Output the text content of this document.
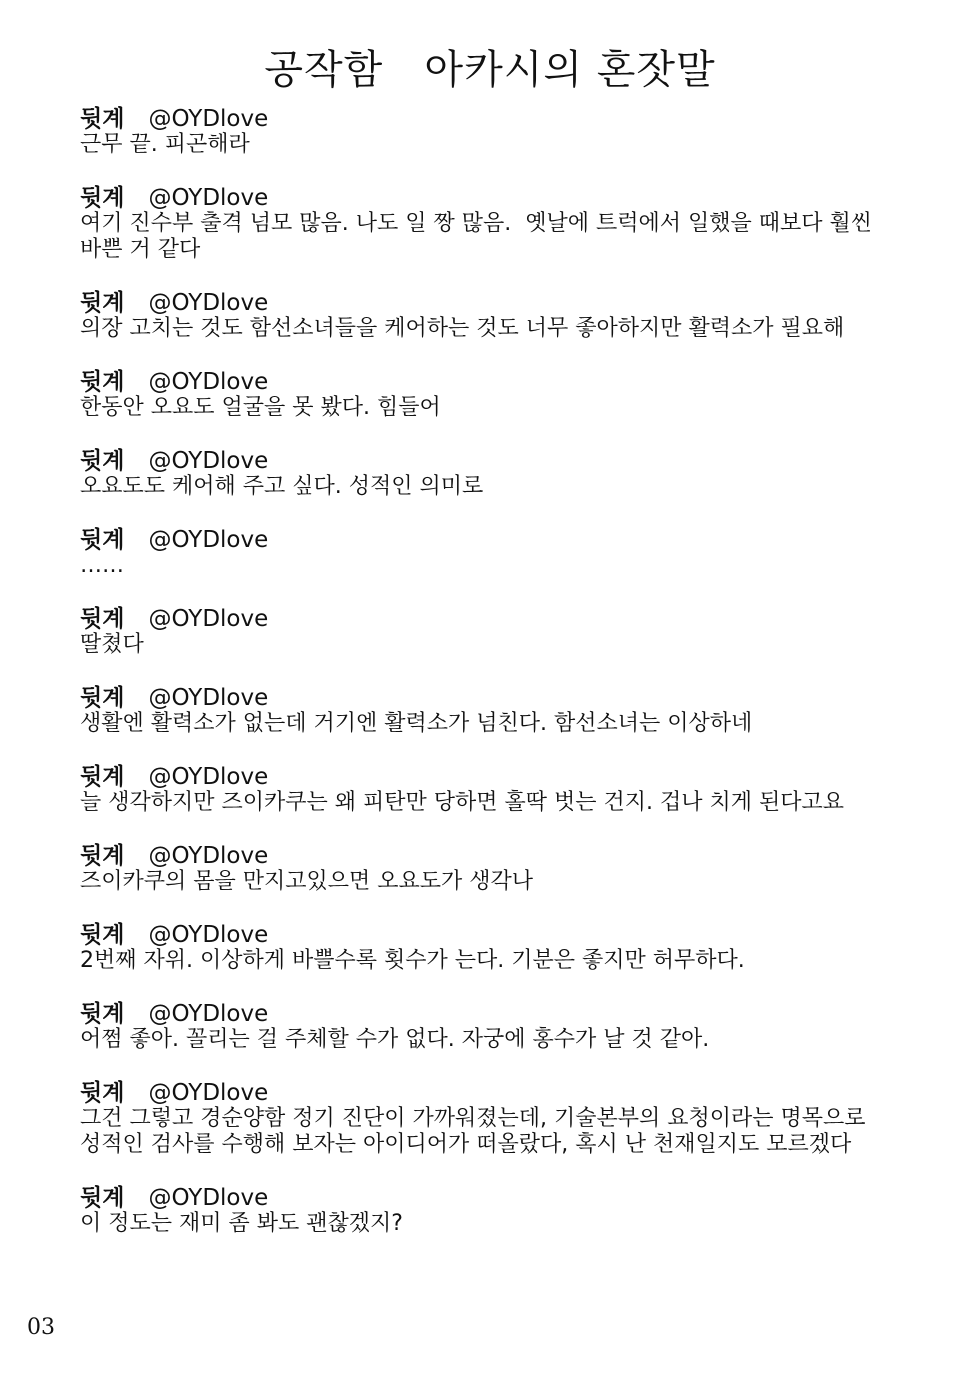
공작함   아카시의 혼잣말
뒷계 @OYDlove
근무 끝. 피곤해라
뒷계 @OYDlove
여기 진수부 출격 넘모 많음. 나도 일 짱 많음.  옛날에 트럭에서 일했을 때보다 훨씬
바쁜 거 같다
뒷계 @OYDlove
의장 고치는 것도 함선소녀들을 케어하는 것도 너무 좋아하지만 활력소가 필요해
뒷계 @OYDlove
한동안 오요도 얼굴을 못 봤다. 힘들어
뒷계 @OYDlove
오요도도 케어해 주고 싶다. 성적인 의미로
뒷계 @OYDlove
……
뒷계 @OYDlove
딸쳤다
뒷계 @OYDlove
생활엔 활력소가 없는데 거기엔 활력소가 넘친다. 함선소녀는 이상하네
뒷계 @OYDlove
늘 생각하지만 즈이카쿠는 왜 피탄만 당하면 홀딱 벗는 건지. 겁나 치게 된다고요
뒷계 @OYDlove
즈이카쿠의 몸을 만지고있으면 오요도가 생각나
뒷계 @OYDlove
2번째 자위. 이상하게 바쁠수록 횟수가 는다. 기분은 좋지만 허무하다.
뒷계 @OYDlove
어쩜 좋아. 꼴리는 걸 주체할 수가 없다. 자궁에 홍수가 날 것 같아.
뒷계 @OYDlove
그건 그렇고 경순양함 정기 진단이 가까워졌는데, 기술본부의 요청이라는 명목으로
성적인 검사를 수행해 보자는 아이디어가 떠올랐다, 혹시 난 천재일지도 모르겠다
뒷계 @OYDlove
이 정도는 재미 좀 봐도 괜찮겠지?
03
